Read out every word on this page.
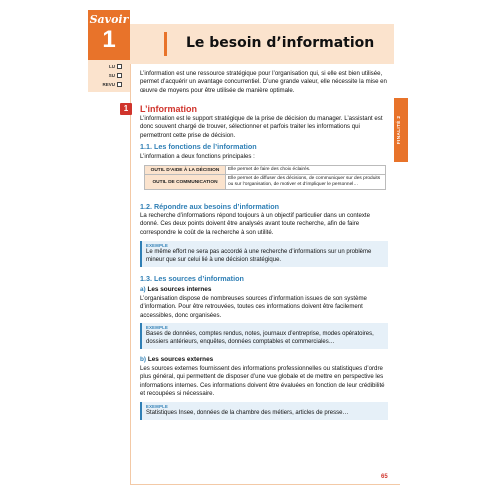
Savoir
1	Le besoin d’information
LU
SU
REVU

L’information est une ressource stratégique pour l’organisation qui, si elle est bien utilisée, permet d’acquérir un avantage concurrentiel. D’une grande valeur, elle nécessite la mise en œuvre de moyens pour être utilisée de manière optimale.

FINALITÉ 2
1	L’information

L’information est le support stratégique de la prise de décision du manager. L’assistant est donc souvent chargé de trouver, sélectionner et parfois traiter les informations qui permettront cette prise de décision.

1.1. Les fonctions de l’information

L’information a deux fonctions principales :

OUTIL D’AIDE À LA DÉCISION	Elle permet de faire des choix éclairés.
OUTIL DE COMMUNICATION	Elle permet de diffuser des décisions, de communiquer sur des produits ou sur l’organisation, de motiver et d’impliquer le personnel…
1.2. Répondre aux besoins d’information

La recherche d’informations répond toujours à un objectif particulier dans un contexte donné. Ces deux points doivent être analysés avant toute recherche, afin de faire correspondre le coût de la recherche à son utilité.

EXEMPLE
Le même effort ne sera pas accordé à une recherche d’informations sur un problème mineur que sur celui lié à une décision stratégique.
1.3. Les sources d’information
a) Les sources internes

L’organisation dispose de nombreuses sources d’information issues de son système d’information. Pour être retrouvées, toutes ces informations doivent être facilement accessibles, donc organisées.

EXEMPLE
Bases de données, comptes rendus, notes, journaux d’entreprise, modes opératoires, dossiers antérieurs, enquêtes, données comptables et commerciales…
b) Les sources externes

Les sources externes fournissent des informations professionnelles ou statistiques d’ordre plus général, qui permettent de disposer d’une vue globale et de mettre en perspective les informations internes. Ces informations doivent être évaluées en fonction de leur crédibilité et recoupées si nécessaire.

EXEMPLE
Statistiques Insee, données de la chambre des métiers, articles de presse…
65
